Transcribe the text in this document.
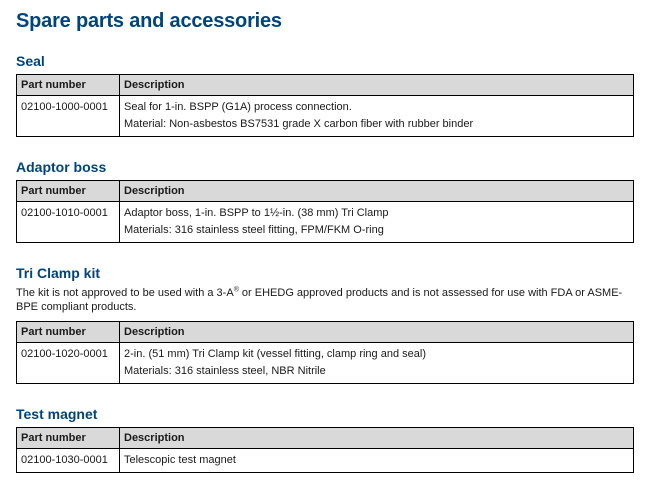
Spare parts and accessories
Seal
Part number	Description
02100-1000-0001	Seal for 1-in. BSPP (G1A) process connection.
Material: Non-asbestos BS7531 grade X carbon fiber with rubber binder
Adaptor boss
Part number	Description
02100-1010-0001	Adaptor boss, 1-in. BSPP to 1½-in. (38 mm) Tri Clamp
Materials: 316 stainless steel fitting, FPM/FKM O-ring
Tri Clamp kit

The kit is not approved to be used with a 3-A® or EHEDG approved products and is not assessed for use with FDA or ASME-BPE compliant products.

Part number	Description
02100-1020-0001	2-in. (51 mm) Tri Clamp kit (vessel fitting, clamp ring and seal)
Materials: 316 stainless steel, NBR Nitrile
Test magnet
Part number	Description
02100-1030-0001	Telescopic test magnet
